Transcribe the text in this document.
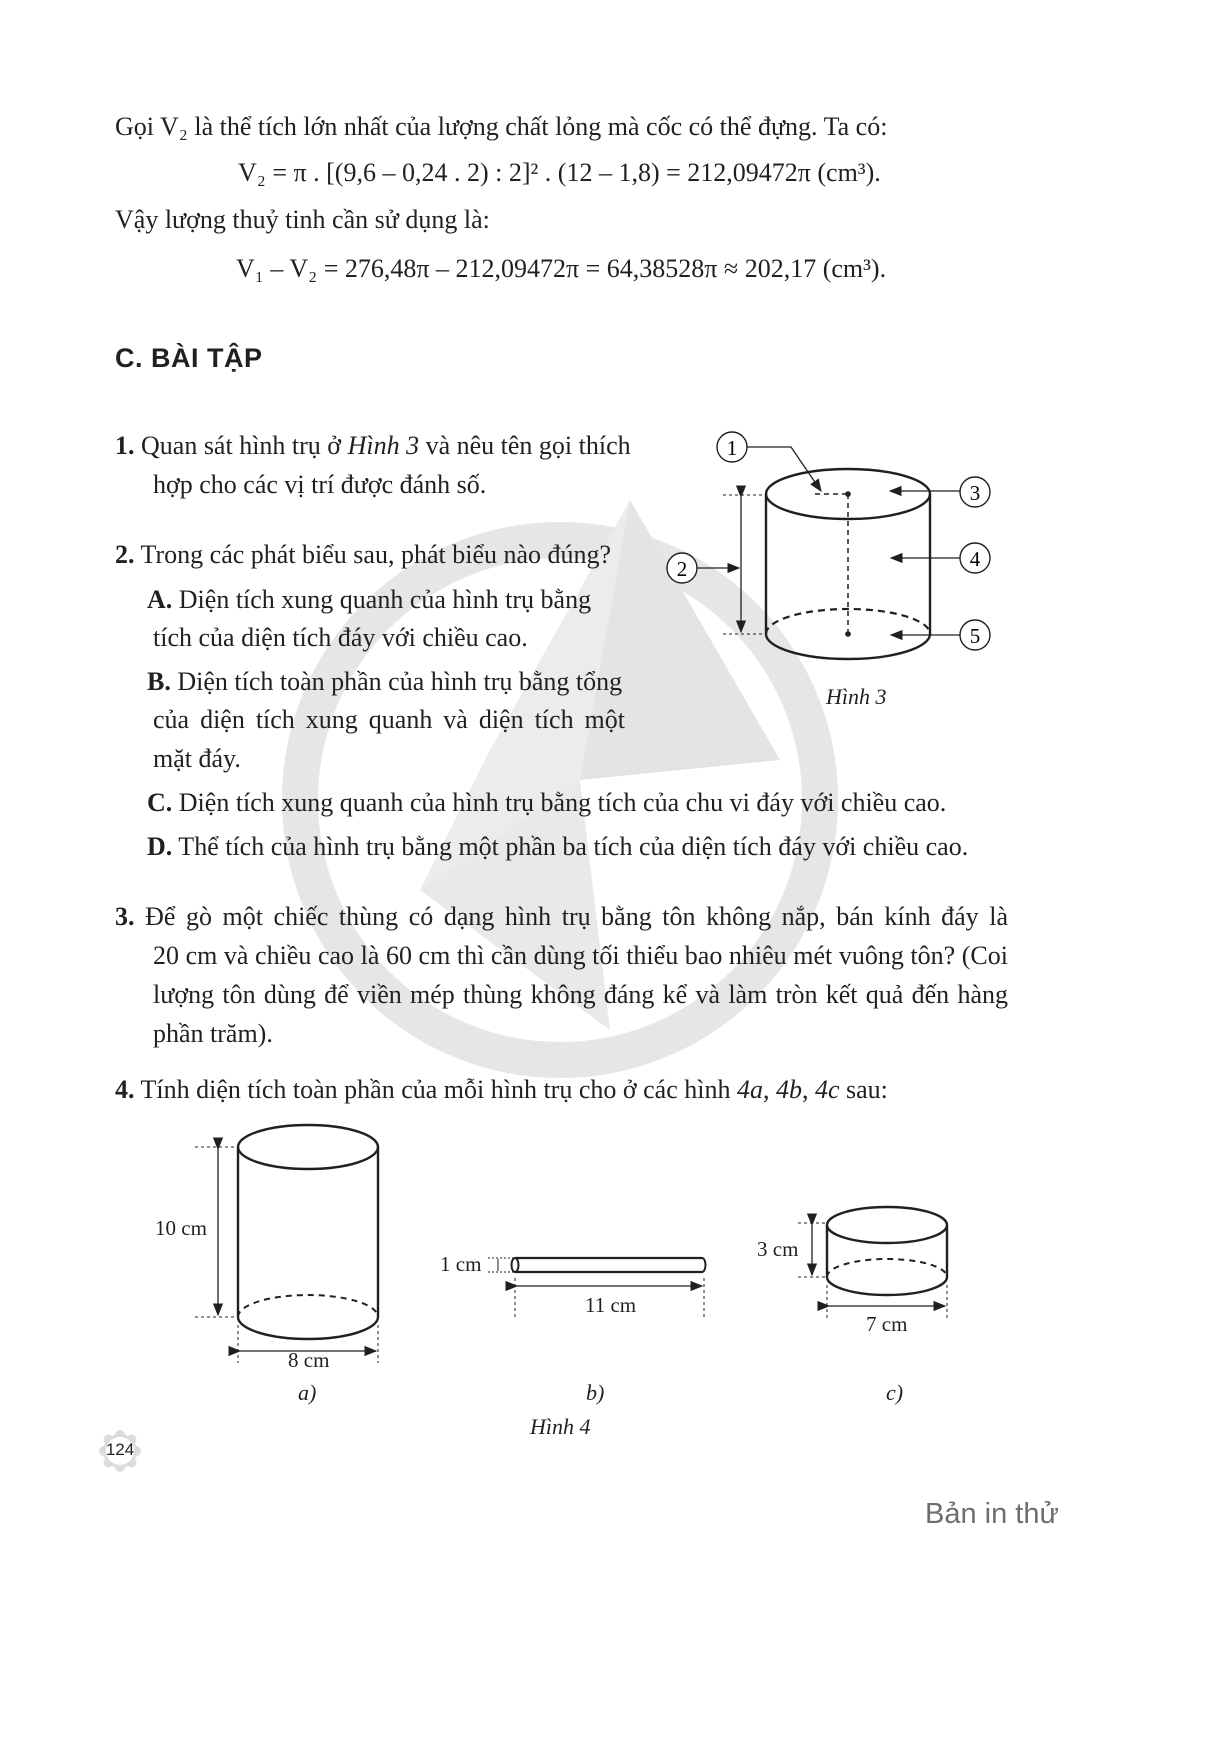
Gọi V₂ là thể tích lớn nhất của lượng chất lỏng mà cốc có thể đựng. Ta có:
V₂ = π . [(9,6 – 0,24 . 2) : 2]² . (12 – 1,8) = 212,09472π (cm³).
Vậy lượng thuỷ tinh cần sử dụng là:
V₁ – V₂ = 276,48π – 212,09472π = 64,38528π ≈ 202,17 (cm³).
C. BÀI TẬP
1. Quan sát hình trụ ở Hình 3 và nêu tên gọi thích
hợp cho các vị trí được đánh số.
2. Trong các phát biểu sau, phát biểu nào đúng?
A. Diện tích xung quanh của hình trụ bằng
tích của diện tích đáy với chiều cao.
B. Diện tích toàn phần của hình trụ bằng tổng
của diện tích xung quanh và diện tích một
mặt đáy.
C. Diện tích xung quanh của hình trụ bằng tích của chu vi đáy với chiều cao.
D. Thể tích của hình trụ bằng một phần ba tích của diện tích đáy với chiều cao.
3. Để gò một chiếc thùng có dạng hình trụ bằng tôn không nắp, bán kính đáy là
20 cm và chiều cao là 60 cm thì cần dùng tối thiểu bao nhiêu mét vuông tôn? (Coi
lượng tôn dùng để viền mép thùng không đáng kể và làm tròn kết quả đến hàng
phần trăm).
4. Tính diện tích toàn phần của mỗi hình trụ cho ở các hình 4a, 4b, 4c sau:
1
2
3
4
5
Hình 3
10 cm
8 cm
a)
1 cm
11 cm
b)
3 cm
7 cm
c)
Hình 4
124
Bản in thử
